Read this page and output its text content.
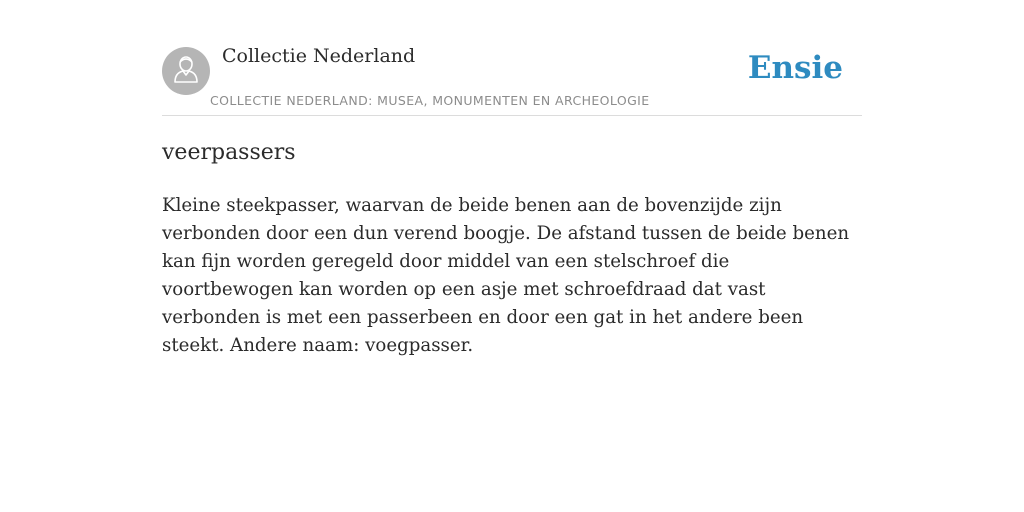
Collectie Nederland
COLLECTIE NEDERLAND: MUSEA, MONUMENTEN EN ARCHEOLOGIE
Ensie
veerpassers

Kleine steekpasser, waarvan de beide benen aan de bovenzijde zijn verbonden door een dun verend boogje. De afstand tussen de beide benen kan fijn worden geregeld door middel van een stelschroef die voortbewogen kan worden op een asje met schroefdraad dat vast verbonden is met een passerbeen en door een gat in het andere been steekt. Andere naam: voegpasser.
